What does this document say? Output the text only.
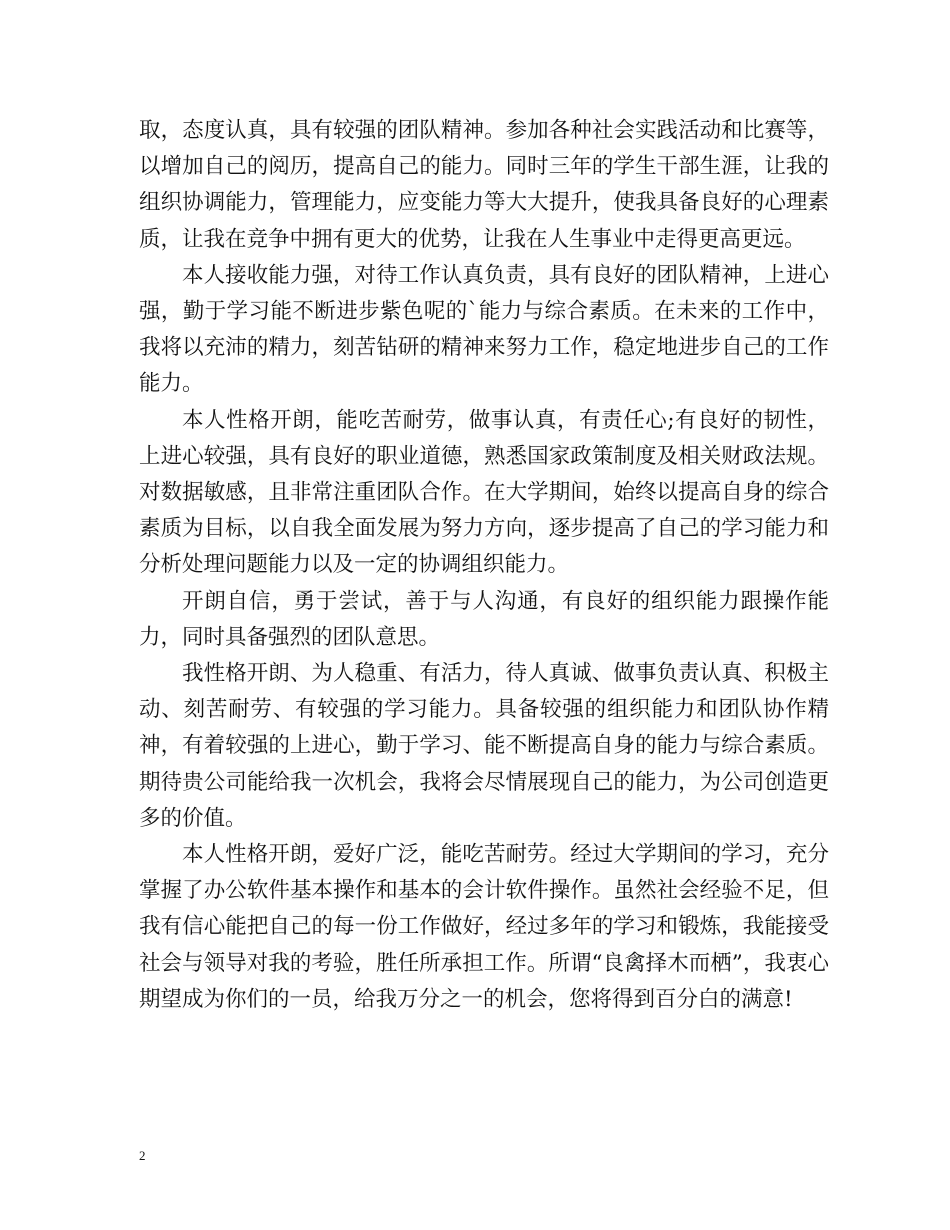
取，态度认真，具有较强的团队精神。参加各种社会实践活动和比赛等，以增加自己的阅历，提高自己的能力。同时三年的学生干部生涯，让我的组织协调能力，管理能力，应变能力等大大提升，使我具备良好的心理素质，让我在竞争中拥有更大的优势，让我在人生事业中走得更高更远。

本人接收能力强，对待工作认真负责，具有良好的团队精神，上进心强，勤于学习能不断进步紫色呢的`能力与综合素质。在未来的工作中，我将以充沛的精力，刻苦钻研的精神来努力工作，稳定地进步自己的工作能力。

本人性格开朗，能吃苦耐劳，做事认真，有责任心;有良好的韧性，上进心较强，具有良好的职业道德，熟悉国家政策制度及相关财政法规。对数据敏感，且非常注重团队合作。在大学期间，始终以提高自身的综合素质为目标，以自我全面发展为努力方向，逐步提高了自己的学习能力和分析处理问题能力以及一定的协调组织能力。

开朗自信，勇于尝试，善于与人沟通，有良好的组织能力跟操作能力，同时具备强烈的团队意思。

我性格开朗、为人稳重、有活力，待人真诚、做事负责认真、积极主动、刻苦耐劳、有较强的学习能力。具备较强的组织能力和团队协作精神，有着较强的上进心，勤于学习、能不断提高自身的能力与综合素质。期待贵公司能给我一次机会，我将会尽情展现自己的能力，为公司创造更多的价值。

本人性格开朗，爱好广泛，能吃苦耐劳。经过大学期间的学习，充分掌握了办公软件基本操作和基本的会计软件操作。虽然社会经验不足，但我有信心能把自己的每一份工作做好，经过多年的学习和锻炼，我能接受社会与领导对我的考验，胜任所承担工作。所谓“良禽择木而栖”，我衷心期望成为你们的一员，给我万分之一的机会，您将得到百分白的满意!

2
